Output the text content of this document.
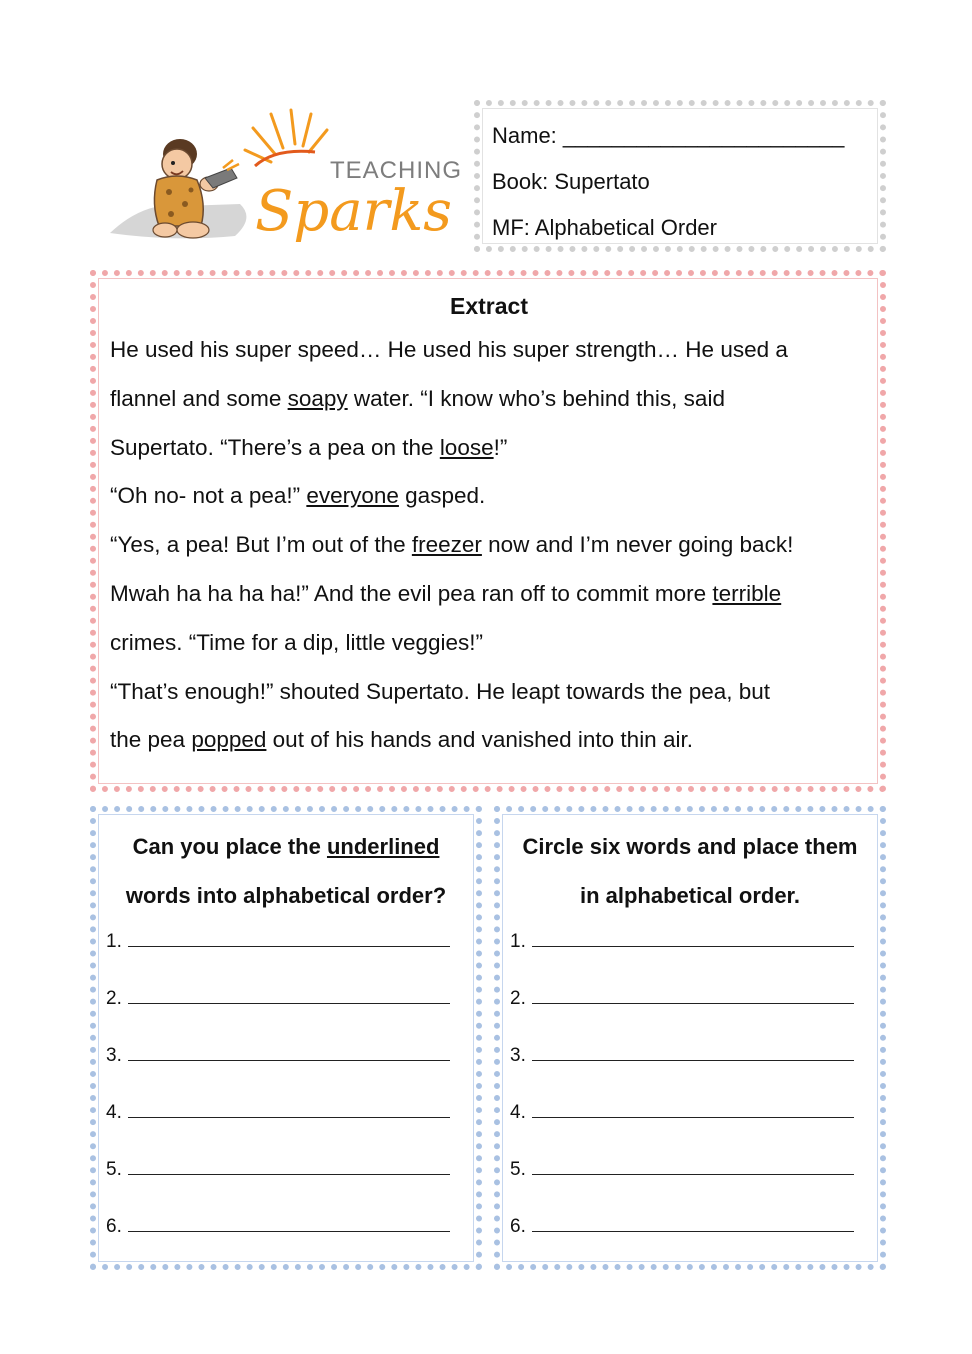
TEACHING
Sparks
Name: _______________________
Book: Supertato
MF: Alphabetical Order
Extract
He used his super speed… He used his super strength… He used a
flannel and some soapy water. “I know who’s behind this, said
Supertato. “There’s a pea on the loose!”
“Oh no- not a pea!” everyone gasped.
“Yes, a pea! But I’m out of the freezer now and I’m never going back!
Mwah ha ha ha ha!” And the evil pea ran off to commit more terrible
crimes. “Time for a dip, little veggies!”
“That’s enough!” shouted Supertato. He leapt towards the pea, but
the pea popped out of his hands and vanished into thin air.
Can you place the underlined
words into alphabetical order?
1.
2.
3.
4.
5.
6.
Circle six words and place them
in alphabetical order.
1.
2.
3.
4.
5.
6.
